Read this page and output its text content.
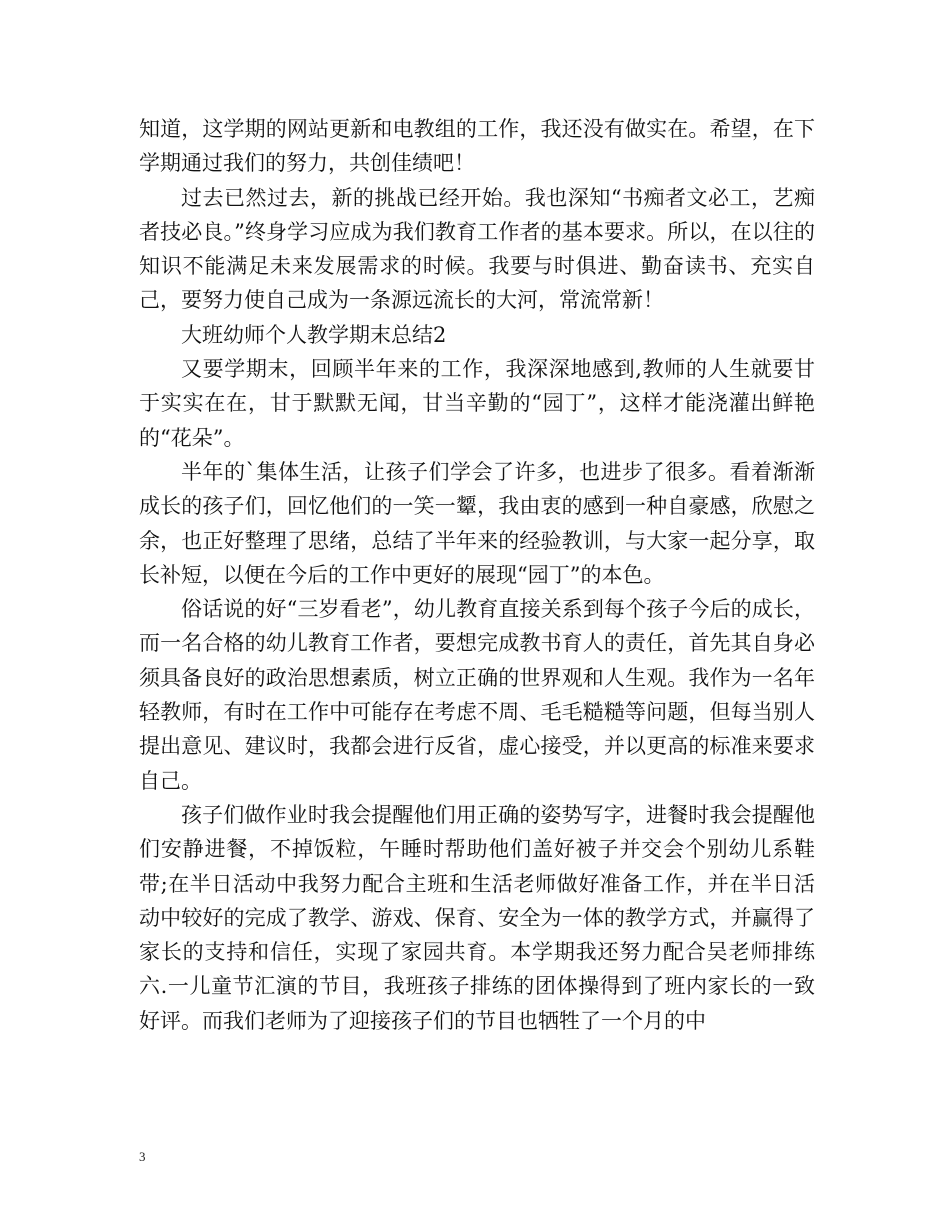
知道，这学期的网站更新和电教组的工作，我还没有做实在。希望，在下学期通过我们的努力，共创佳绩吧！

过去已然过去，新的挑战已经开始。我也深知“书痴者文必工，艺痴者技必良。”终身学习应成为我们教育工作者的基本要求。所以，在以往的知识不能满足未来发展需求的时候。我要与时俱进、勤奋读书、充实自己，要努力使自己成为一条源远流长的大河，常流常新！

大班幼师个人教学期末总结2

又要学期末，回顾半年来的工作，我深深地感到,教师的人生就要甘于实实在在，甘于默默无闻，甘当辛勤的“园丁”，这样才能浇灌出鲜艳的“花朵”。

半年的`集体生活，让孩子们学会了许多，也进步了很多。看着渐渐成长的孩子们，回忆他们的一笑一颦，我由衷的感到一种自豪感，欣慰之余，也正好整理了思绪，总结了半年来的经验教训，与大家一起分享，取长补短，以便在今后的工作中更好的展现“园丁”的本色。

俗话说的好“三岁看老”，幼儿教育直接关系到每个孩子今后的成长，而一名合格的幼儿教育工作者，要想完成教书育人的责任，首先其自身必须具备良好的政治思想素质，树立正确的世界观和人生观。我作为一名年轻教师，有时在工作中可能存在考虑不周、毛毛糙糙等问题，但每当别人提出意见、建议时，我都会进行反省，虚心接受，并以更高的标准来要求自己。

孩子们做作业时我会提醒他们用正确的姿势写字，进餐时我会提醒他们安静进餐，不掉饭粒，午睡时帮助他们盖好被子并交会个别幼儿系鞋带;在半日活动中我努力配合主班和生活老师做好准备工作，并在半日活动中较好的完成了教学、游戏、保育、安全为一体的教学方式，并赢得了家长的支持和信任，实现了家园共育。本学期我还努力配合吴老师排练六.一儿童节汇演的节目，我班孩子排练的团体操得到了班内家长的一致好评。而我们老师为了迎接孩子们的节目也牺牲了一个月的中

3
